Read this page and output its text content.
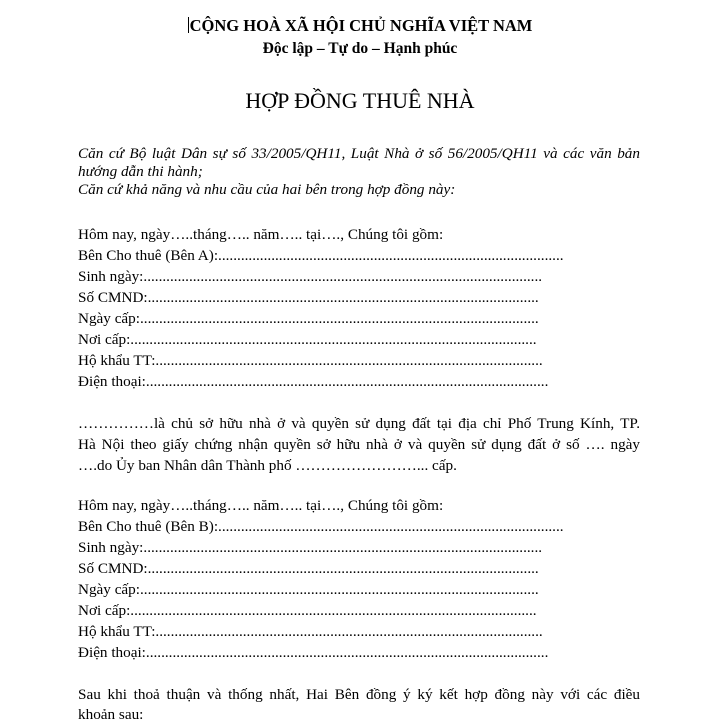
CỘNG HOÀ XÃ HỘI CHỦ NGHĨA VIỆT NAM
Độc lập – Tự do – Hạnh phúc
HỢP ĐỒNG THUÊ NHÀ
Căn cứ Bộ luật Dân sự số 33/2005/QH11, Luật Nhà ở số 56/2005/QH11 và các văn bản
hướng dẫn thi hành;
Căn cứ khả năng và nhu cầu của hai bên trong hợp đồng này:
Hôm nay, ngày…..tháng….. năm….. tại…., Chúng tôi gồm:
Bên Cho thuê (Bên A):...........................................................................................
Sinh ngày:.........................................................................................................
Số CMND:.......................................................................................................
Ngày cấp:.........................................................................................................
Nơi cấp:...........................................................................................................
Hộ khẩu TT:......................................................................................................
Điện thoại:..........................................................................................................
……………là chủ sở hữu nhà ở và quyền sử dụng đất tại địa chỉ Phố Trung Kính, TP.
Hà Nội theo giấy chứng nhận quyền sở hữu nhà ở và quyền sử dụng đất ở số …. ngày
….do Ủy ban Nhân dân Thành phố ……………………... cấp.
Hôm nay, ngày…..tháng….. năm….. tại…., Chúng tôi gồm:
Bên Cho thuê (Bên B):...........................................................................................
Sinh ngày:.........................................................................................................
Số CMND:.......................................................................................................
Ngày cấp:.........................................................................................................
Nơi cấp:...........................................................................................................
Hộ khẩu TT:......................................................................................................
Điện thoại:..........................................................................................................
Sau khi thoả thuận và thống nhất, Hai Bên đồng ý ký kết hợp đồng này với các điều
khoản sau:
